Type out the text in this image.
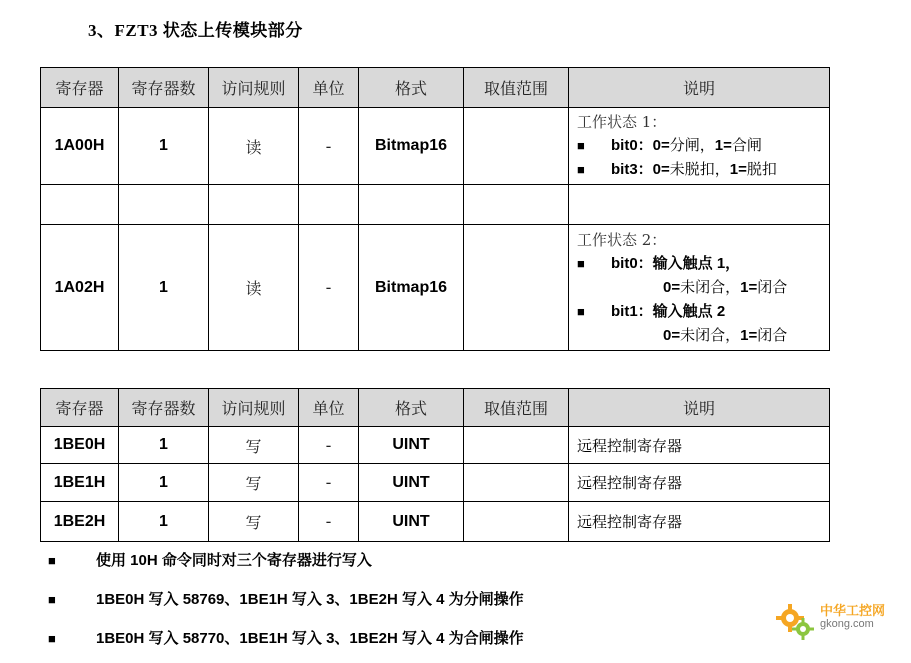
3、FZT3 状态上传模块部分
寄存器	寄存器数	访问规则	单位	格式	取值范围	说明
1A00H	1	读	-	Bitmap16		工作状态 1：
■ bit0：0=分闸，1=合闸
■ bit3：0=未脱扣，1=脱扣

1A02H	1	读	-	Bitmap16		工作状态 2：
■ bit0：输入触点 1，
0=未闭合，1=闭合
■ bit1：输入触点 2
0=未闭合，1=闭合
寄存器	寄存器数	访问规则	单位	格式	取值范围	说明
1BE0H	1	写	-	UINT		远程控制寄存器
1BE1H	1	写	-	UINT		远程控制寄存器
1BE2H	1	写	-	UINT		远程控制寄存器
■	使用 10H 命令同时对三个寄存器进行写入
■	1BE0H 写入 58769、1BE1H 写入 3、1BE2H 写入 4 为分闸操作
■	1BE0H 写入 58770、1BE1H 写入 3、1BE2H 写入 4 为合闸操作
中华工控网
gkong.com
